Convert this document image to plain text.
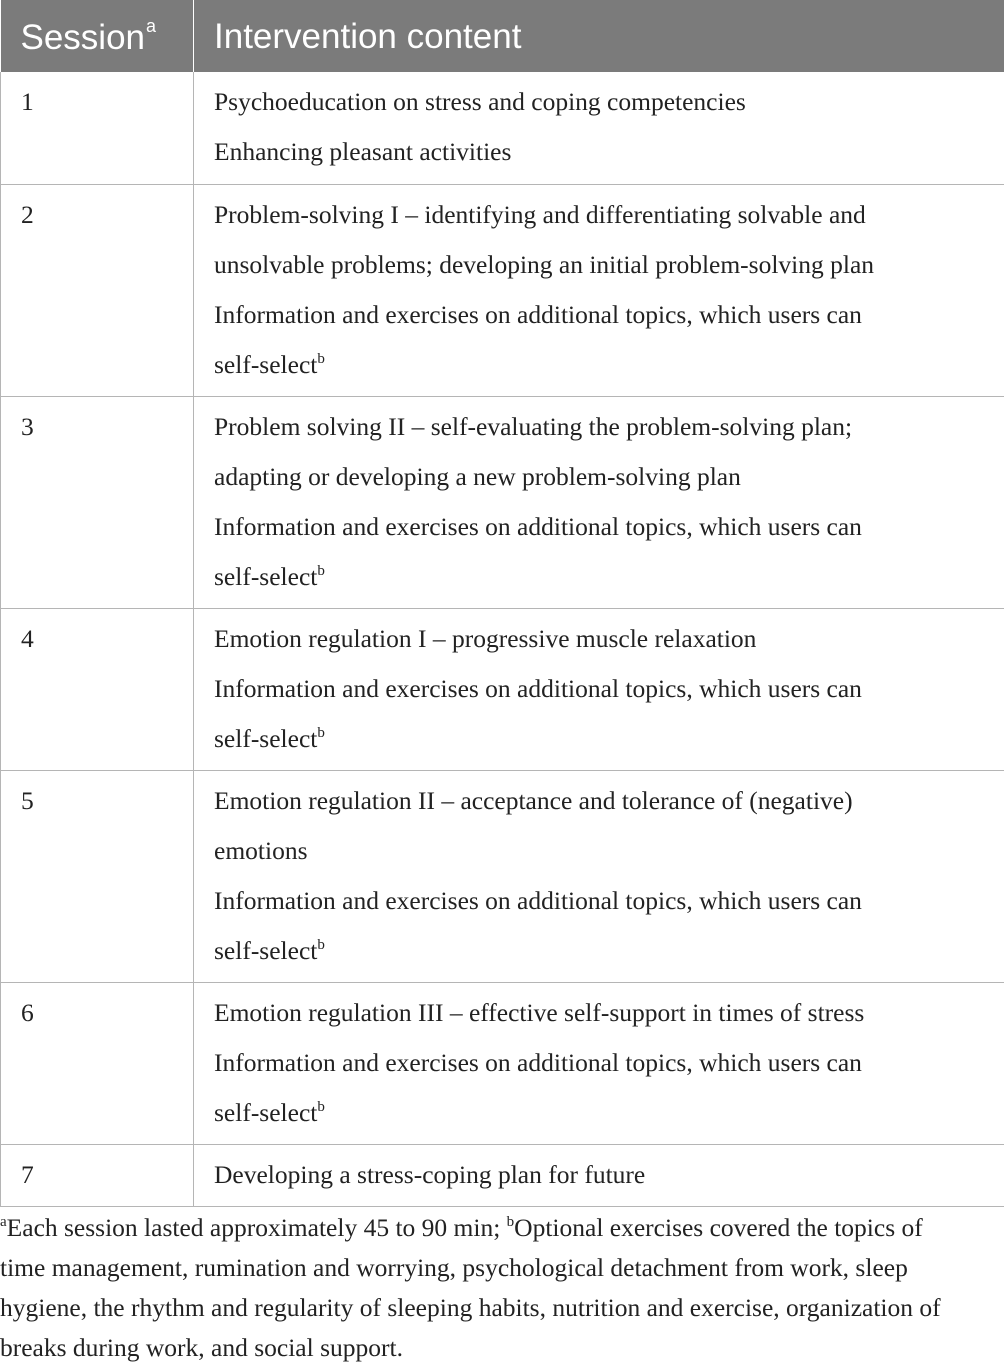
Session$^a$	Intervention content
1	Psychoeducation on stress and coping competencies
Enhancing pleasant activities

2	Problem-solving I – identifying and differentiating solvable and
unsolvable problems; developing an initial problem-solving plan
Information and exercises on additional topics, which users can
self-select$^b$

3	Problem solving II – self-evaluating the problem-solving plan;
adapting or developing a new problem-solving plan
Information and exercises on additional topics, which users can
self-select$^b$

4	Emotion regulation I – progressive muscle relaxation
Information and exercises on additional topics, which users can
self-select$^b$

5	Emotion regulation II – acceptance and tolerance of (negative)
emotions
Information and exercises on additional topics, which users can
self-select$^b$

6	Emotion regulation III – effective self-support in times of stress
Information and exercises on additional topics, which users can
self-select$^b$

7	Developing a stress-coping plan for future
$^a$Each session lasted approximately 45 to 90 min; $^b$Optional exercises covered the topics of
time management, rumination and worrying, psychological detachment from work, sleep
hygiene, the rhythm and regularity of sleeping habits, nutrition and exercise, organization of
breaks during work, and social support.
